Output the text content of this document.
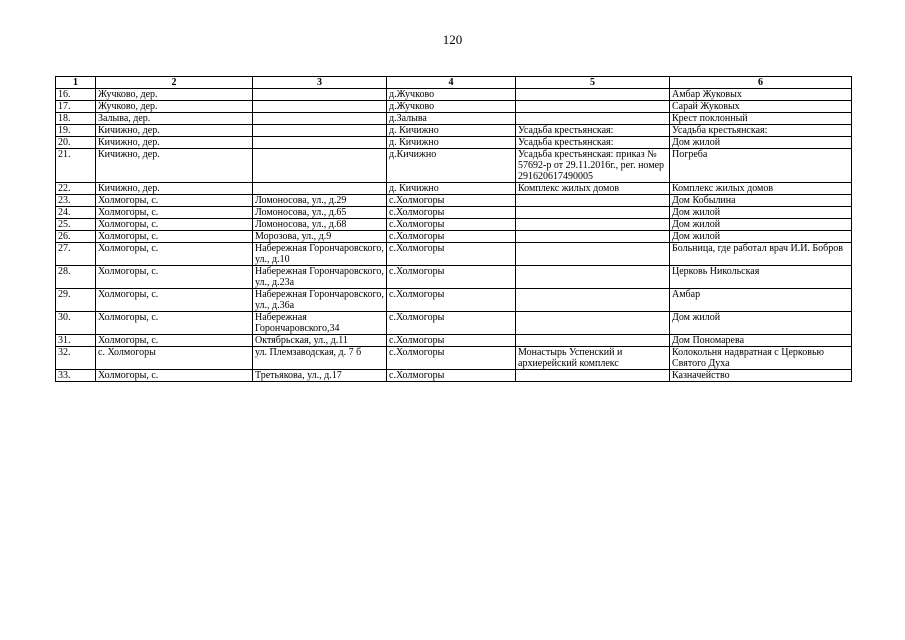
120
1	2	3	4	5	6
16.	Жучково, дер.		д.Жучково		Амбар Жуковых
17.	Жучково, дер.		д.Жучково		Сарай Жуковых
18.	Залыва, дер.		д.Залыва		Крест поклонный
19.	Кичижно, дер.		д. Кичижно	Усадьба крестьянская:	Усадьба крестьянская:
20.	Кичижно, дер.		д. Кичижно	Усадьба крестьянская:	Дом жилой
21.	Кичижно, дер.		д.Кичижно	Усадьба крестьянская: приказ № 57692-р от 29.11.2016г., рег. номер 291620617490005	Погреба
22.	Кичижно, дер.		д. Кичижно	Комплекс жилых домов	Комплекс жилых домов
23.	Холмогоры, с.	Ломоносова, ул., д.29	с.Холмогоры		Дом Кобылина
24.	Холмогоры, с.	Ломоносова, ул., д.65	с.Холмогоры		Дом жилой
25.	Холмогоры, с.	Ломоносова, ул., д.68	с.Холмогоры		Дом жилой
26.	Холмогоры, с.	Морозова, ул., д.9	с.Холмогоры		Дом жилой
27.	Холмогоры, с.	Набережная Горончаровского, ул., д.10	с.Холмогоры		Больница, где работал врач И.И. Бобров
28.	Холмогоры, с.	Набережная Горончаровского, ул., д.23а	с.Холмогоры		Церковь Никольская
29.	Холмогоры, с.	Набережная Горончаровского, ул., д.36а	с.Холмогоры		Амбар
30.	Холмогоры, с.	Набережная Горончаровского,34	с.Холмогоры		Дом жилой
31.	Холмогоры, с.	Октябрьская, ул., д.11	с.Холмогоры		Дом Пономарева
32.	с. Холмогоры	ул. Племзаводская, д. 7 б	с.Холмогоры	Монастырь Успенский и архиерейский комплекс	Колокольня надвратная с Церковью Святого Духа
33.	Холмогоры, с.	Третьякова, ул., д.17	с.Холмогоры		Казначейство
